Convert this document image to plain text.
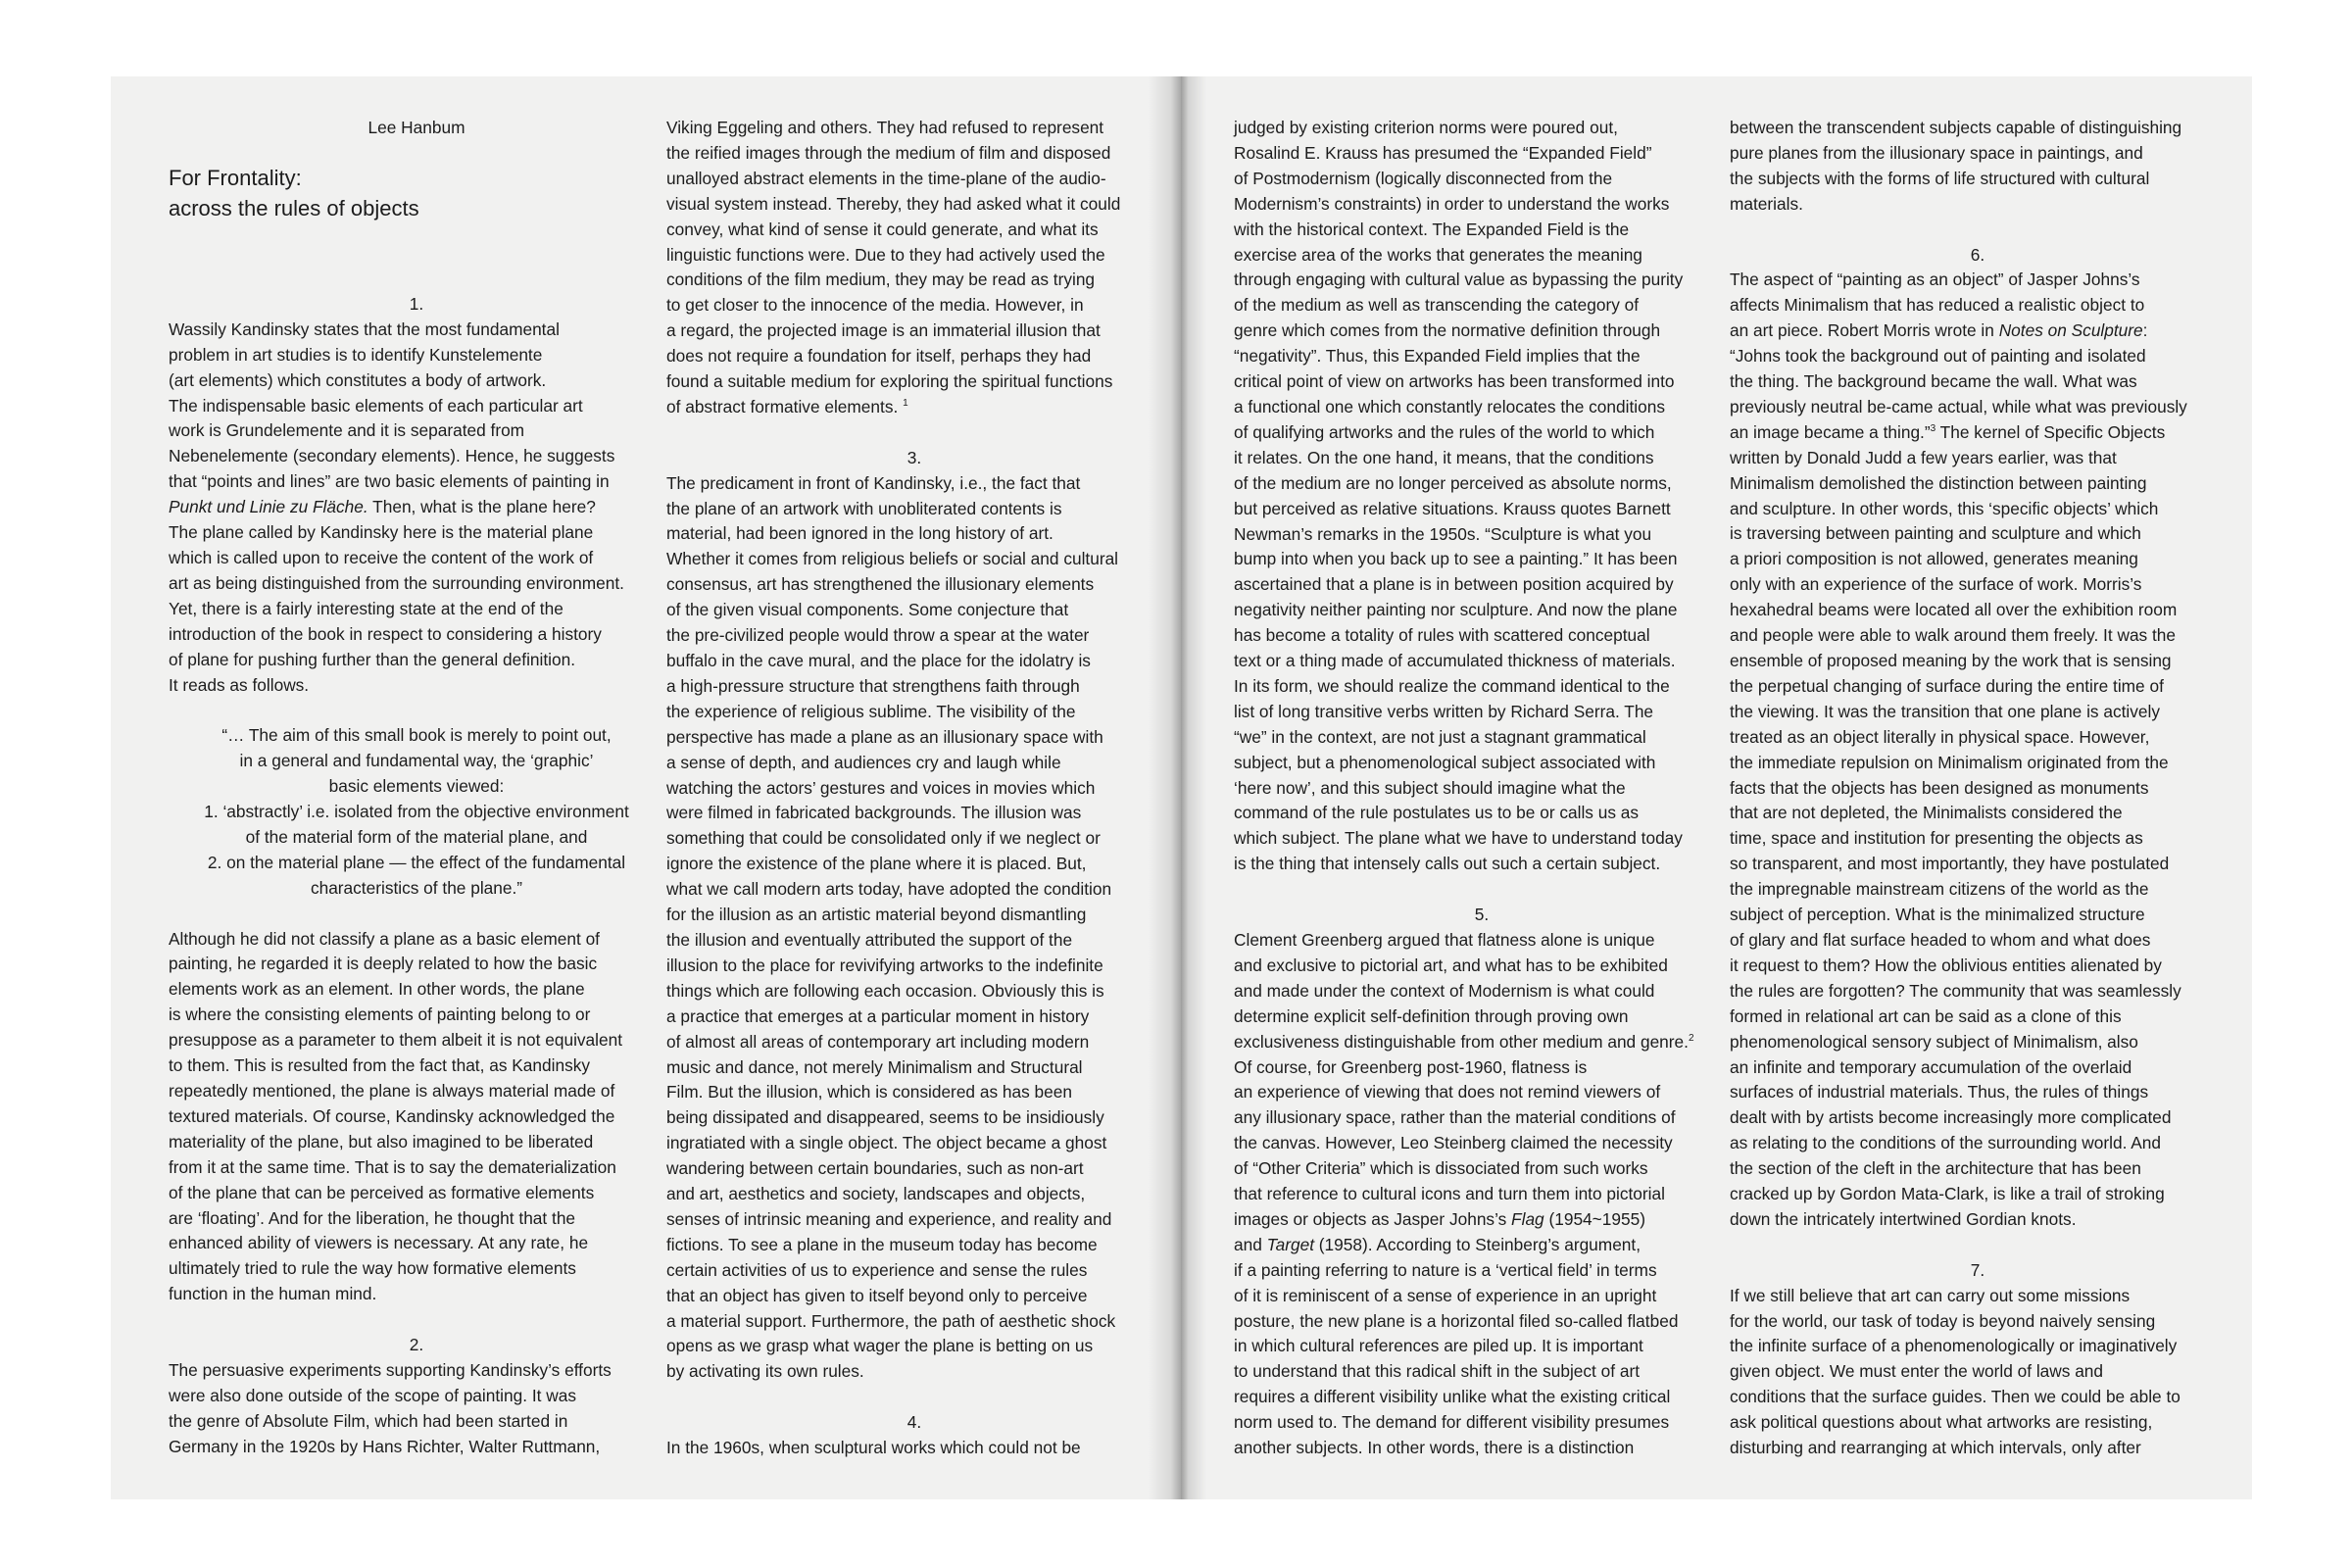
Lee Hanbum
For Frontality:
across the rules of objects
1.
Wassily Kandinsky states that the most fundamental
problem in art studies is to identify Kunstelemente
(art elements) which constitutes a body of artwork.
The indispensable basic elements of each particular art
work is Grundelemente and it is separated from
Nebenelemente (secondary elements). Hence, he suggests
that “points and lines” are two basic elements of painting in
Punkt und Linie zu Fläche. Then, what is the plane here?
The plane called by Kandinsky here is the material plane
which is called upon to receive the content of the work of
art as being distinguished from the surrounding environment.
Yet, there is a fairly interesting state at the end of the
introduction of the book in respect to considering a history
of plane for pushing further than the general definition.
It reads as follows.
“… The aim of this small book is merely to point out,
in a general and fundamental way, the ‘graphic’
basic elements viewed:
1. ‘abstractly’ i.e. isolated from the objective environment
of the material form of the material plane, and
2. on the material plane — the effect of the fundamental
characteristics of the plane.”
Although he did not classify a plane as a basic element of
painting, he regarded it is deeply related to how the basic
elements work as an element. In other words, the plane
is where the consisting elements of painting belong to or
presuppose as a parameter to them albeit it is not equivalent
to them. This is resulted from the fact that, as Kandinsky
repeatedly mentioned, the plane is always material made of
textured materials. Of course, Kandinsky acknowledged the
materiality of the plane, but also imagined to be liberated
from it at the same time. That is to say the dematerialization
of the plane that can be perceived as formative elements
are ‘floating’. And for the liberation, he thought that the
enhanced ability of viewers is necessary. At any rate, he
ultimately tried to rule the way how formative elements
function in the human mind.
2.
The persuasive experiments supporting Kandinsky’s efforts
were also done outside of the scope of painting. It was
the genre of Absolute Film, which had been started in
Germany in the 1920s by Hans Richter, Walter Ruttmann,
Viking Eggeling and others. They had refused to represent
the reified images through the medium of film and disposed
unalloyed abstract elements in the time-plane of the audio-
visual system instead. Thereby, they had asked what it could
convey, what kind of sense it could generate, and what its
linguistic functions were. Due to they had actively used the
conditions of the film medium, they may be read as trying
to get closer to the innocence of the media. However, in
a regard, the projected image is an immaterial illusion that
does not require a foundation for itself, perhaps they had
found a suitable medium for exploring the spiritual functions
of abstract formative elements. $^1$
3.
The predicament in front of Kandinsky, i.e., the fact that
the plane of an artwork with unobliterated contents is
material, had been ignored in the long history of art.
Whether it comes from religious beliefs or social and cultural
consensus, art has strengthened the illusionary elements
of the given visual components. Some conjecture that
the pre-civilized people would throw a spear at the water
buffalo in the cave mural, and the place for the idolatry is
a high-pressure structure that strengthens faith through
the experience of religious sublime. The visibility of the
perspective has made a plane as an illusionary space with
a sense of depth, and audiences cry and laugh while
watching the actors’ gestures and voices in movies which
were filmed in fabricated backgrounds. The illusion was
something that could be consolidated only if we neglect or
ignore the existence of the plane where it is placed. But,
what we call modern arts today, have adopted the condition
for the illusion as an artistic material beyond dismantling
the illusion and eventually attributed the support of the
illusion to the place for revivifying artworks to the indefinite
things which are following each occasion. Obviously this is
a practice that emerges at a particular moment in history
of almost all areas of contemporary art including modern
music and dance, not merely Minimalism and Structural
Film. But the illusion, which is considered as has been
being dissipated and disappeared, seems to be insidiously
ingratiated with a single object. The object became a ghost
wandering between certain boundaries, such as non-art
and art, aesthetics and society, landscapes and objects,
senses of intrinsic meaning and experience, and reality and
fictions. To see a plane in the museum today has become
certain activities of us to experience and sense the rules
that an object has given to itself beyond only to perceive
a material support. Furthermore, the path of aesthetic shock
opens as we grasp what wager the plane is betting on us
by activating its own rules.
4.
In the 1960s, when sculptural works which could not be
judged by existing criterion norms were poured out,
Rosalind E. Krauss has presumed the “Expanded Field”
of Postmodernism (logically disconnected from the
Modernism’s constraints) in order to understand the works
with the historical context. The Expanded Field is the
exercise area of the works that generates the meaning
through engaging with cultural value as bypassing the purity
of the medium as well as transcending the category of
genre which comes from the normative definition through
“negativity”. Thus, this Expanded Field implies that the
critical point of view on artworks has been transformed into
a functional one which constantly relocates the conditions
of qualifying artworks and the rules of the world to which
it relates. On the one hand, it means, that the conditions
of the medium are no longer perceived as absolute norms,
but perceived as relative situations. Krauss quotes Barnett
Newman’s remarks in the 1950s. “Sculpture is what you
bump into when you back up to see a painting.” It has been
ascertained that a plane is in between position acquired by
negativity neither painting nor sculpture. And now the plane
has become a totality of rules with scattered conceptual
text or a thing made of accumulated thickness of materials.
In its form, we should realize the command identical to the
list of long transitive verbs written by Richard Serra. The
“we” in the context, are not just a stagnant grammatical
subject, but a phenomenological subject associated with
‘here now’, and this subject should imagine what the
command of the rule postulates us to be or calls us as
which subject. The plane what we have to understand today
is the thing that intensely calls out such a certain subject.
5.
Clement Greenberg argued that flatness alone is unique
and exclusive to pictorial art, and what has to be exhibited
and made under the context of Modernism is what could
determine explicit self-definition through proving own
exclusiveness distinguishable from other medium and genre.$^2$
Of course, for Greenberg post-1960, flatness is
an experience of viewing that does not remind viewers of
any illusionary space, rather than the material conditions of
the canvas. However, Leo Steinberg claimed the necessity
of “Other Criteria” which is dissociated from such works
that reference to cultural icons and turn them into pictorial
images or objects as Jasper Johns’s Flag (1954~1955)
and Target (1958). According to Steinberg’s argument,
if a painting referring to nature is a ‘vertical field’ in terms
of it is reminiscent of a sense of experience in an upright
posture, the new plane is a horizontal filed so-called flatbed
in which cultural references are piled up. It is important
to understand that this radical shift in the subject of art
requires a different visibility unlike what the existing critical
norm used to. The demand for different visibility presumes
another subjects. In other words, there is a distinction
between the transcendent subjects capable of distinguishing
pure planes from the illusionary space in paintings, and
the subjects with the forms of life structured with cultural
materials.
6.
The aspect of “painting as an object” of Jasper Johns’s
affects Minimalism that has reduced a realistic object to
an art piece. Robert Morris wrote in Notes on Sculpture:
“Johns took the background out of painting and isolated
the thing. The background became the wall. What was
previously neutral be-came actual, while what was previously
an image became a thing.”$^3$ The kernel of Specific Objects
written by Donald Judd a few years earlier, was that
Minimalism demolished the distinction between painting
and sculpture. In other words, this ‘specific objects’ which
is traversing between painting and sculpture and which
a priori composition is not allowed, generates meaning
only with an experience of the surface of work. Morris’s
hexahedral beams were located all over the exhibition room
and people were able to walk around them freely. It was the
ensemble of proposed meaning by the work that is sensing
the perpetual changing of surface during the entire time of
the viewing. It was the transition that one plane is actively
treated as an object literally in physical space. However,
the immediate repulsion on Minimalism originated from the
facts that the objects has been designed as monuments
that are not depleted, the Minimalists considered the
time, space and institution for presenting the objects as
so transparent, and most importantly, they have postulated
the impregnable mainstream citizens of the world as the
subject of perception. What is the minimalized structure
of glary and flat surface headed to whom and what does
it request to them? How the oblivious entities alienated by
the rules are forgotten? The community that was seamlessly
formed in relational art can be said as a clone of this
phenomenological sensory subject of Minimalism, also
an infinite and temporary accumulation of the overlaid
surfaces of industrial materials. Thus, the rules of things
dealt with by artists become increasingly more complicated
as relating to the conditions of the surrounding world. And
the section of the cleft in the architecture that has been
cracked up by Gordon Mata-Clark, is like a trail of stroking
down the intricately intertwined Gordian knots.
7.
If we still believe that art can carry out some missions
for the world, our task of today is beyond naively sensing
the infinite surface of a phenomenologically or imaginatively
given object. We must enter the world of laws and
conditions that the surface guides. Then we could be able to
ask political questions about what artworks are resisting,
disturbing and rearranging at which intervals, only after
